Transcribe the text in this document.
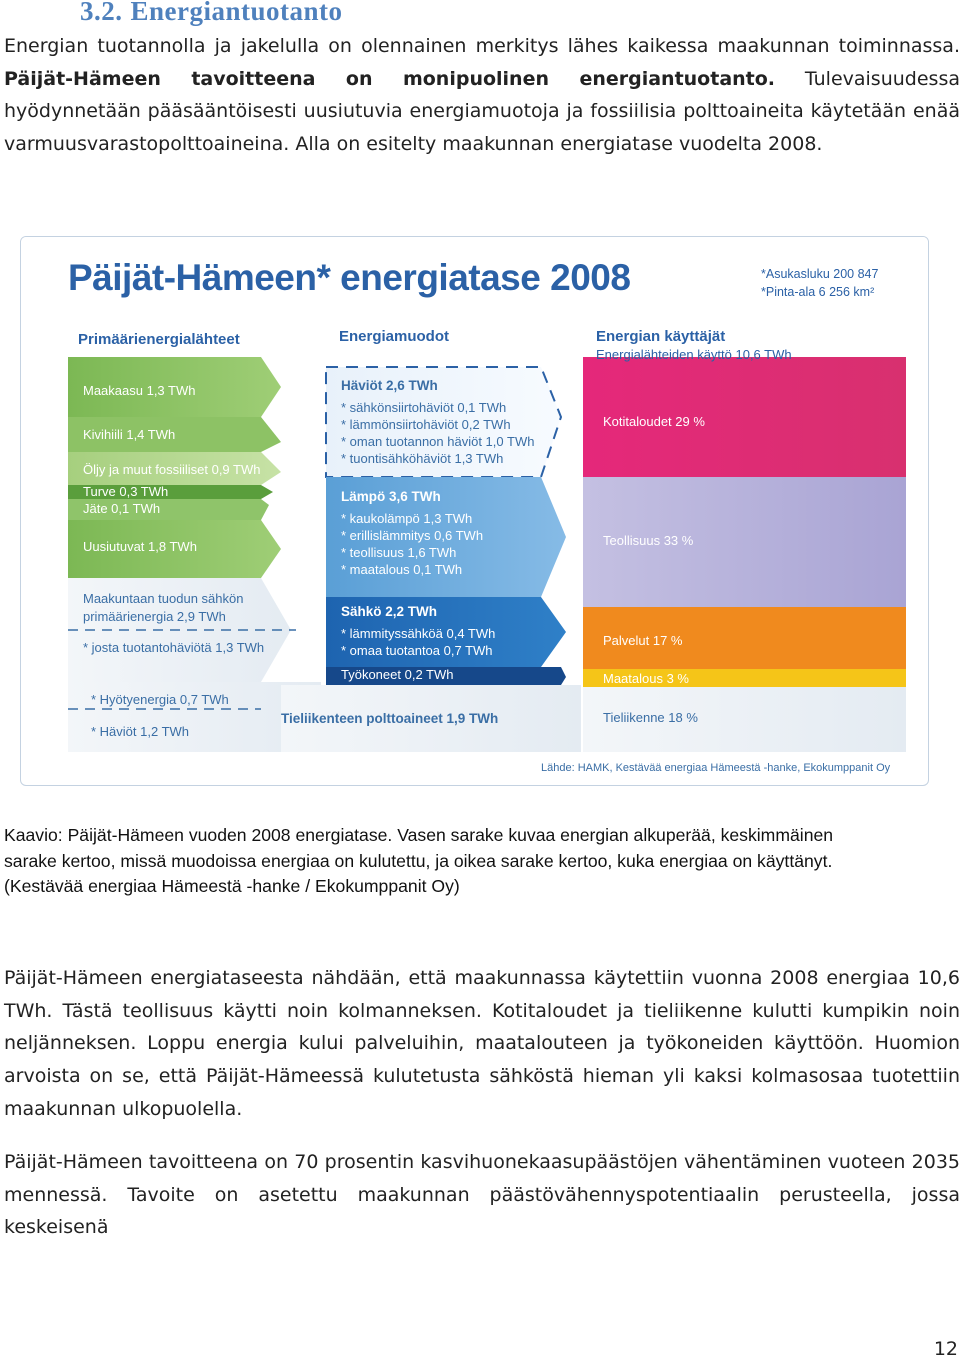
3.2. Energiantuotanto

Energian tuotannolla ja jakelulla on olennainen merkitys lähes kaikessa maakunnan toiminnassa. Päijät-Hämeen tavoitteena on monipuolinen energiantuotanto. Tulevaisuudessa hyödynnetään pääsääntöisesti uusiutuvia energiamuotoja ja fossiilisia polttoaineita käytetään enää varmuusvarastopolttoaineina. Alla on esitelty maakunnan energiatase vuodelta 2008.

Päijät-Hämeen* energiatase 2008	*Asukasluku 200 847
*Pinta-ala 6 256 km²
Primäärienergialähteet	Energiamuodot	Energian käyttäjät
Energialähteiden käyttö 10,6 TWh
Maakaasu 1,3 TWh
Kivihiili 1,4 TWh
Öljy ja muut fossiiliset 0,9 TWh
Turve 0,3 TWh
Jäte 0,1 TWh
Uusiutuvat 1,8 TWh
Maakuntaan tuodun sähkön
primäärienergia 2,9 TWh
* josta tuotantohäviötä 1,3 TWh
* Hyötyenergia 0,7 TWh
* Häviöt 1,2 TWh
Häviöt 2,6 TWh
* sähkönsiirtohäviöt 0,1 TWh
* lämmönsiirtohäviöt 0,2 TWh
* oman tuotannon häviöt 1,0 TWh
* tuontisähköhäviöt 1,3 TWh
Lämpö 3,6 TWh
* kaukolämpö 1,3 TWh
* erillislämmitys 0,6 TWh
* teollisuus 1,6 TWh
* maatalous 0,1 TWh
Sähkö 2,2 TWh
* lämmityssähköä 0,4 TWh
* omaa tuotantoa 0,7 TWh
Työkoneet 0,2 TWh
Tieliikenteen polttoaineet 1,9 TWh
Kotitaloudet 29 %
Teollisuus 33 %
Palvelut 17 %
Maatalous 3 %
Tieliikenne 18 %
Lähde: HAMK, Kestävää energiaa Hämeestä -hanke, Ekokumppanit Oy
Kaavio: Päijät-Hämeen vuoden 2008 energiatase. Vasen sarake kuvaa energian alkuperää, keskimmäinen
sarake kertoo, missä muodoissa energiaa on kulutettu, ja oikea sarake kertoo, kuka energiaa on käyttänyt.
(Kestävää energiaa Hämeestä -hanke / Ekokumppanit Oy)

Päijät-Hämeen energiataseesta nähdään, että maakunnassa käytettiin vuonna 2008 energiaa 10,6 TWh. Tästä teollisuus käytti noin kolmanneksen. Kotitaloudet ja tieliikenne kulutti kumpikin noin neljänneksen. Loppu energia kului palveluihin, maatalouteen ja työkoneiden käyttöön. Huomion arvoista on se, että Päijät-Hämeessä kulutetusta sähköstä hieman yli kaksi kolmasosaa tuotettiin maakunnan ulkopuolella.

Päijät-Hämeen tavoitteena on 70 prosentin kasvihuonekaasupäästöjen vähentäminen vuoteen 2035 mennessä. Tavoite on asetettu maakunnan päästövähennyspotentiaalin perusteella, jossa keskeisenä

12
